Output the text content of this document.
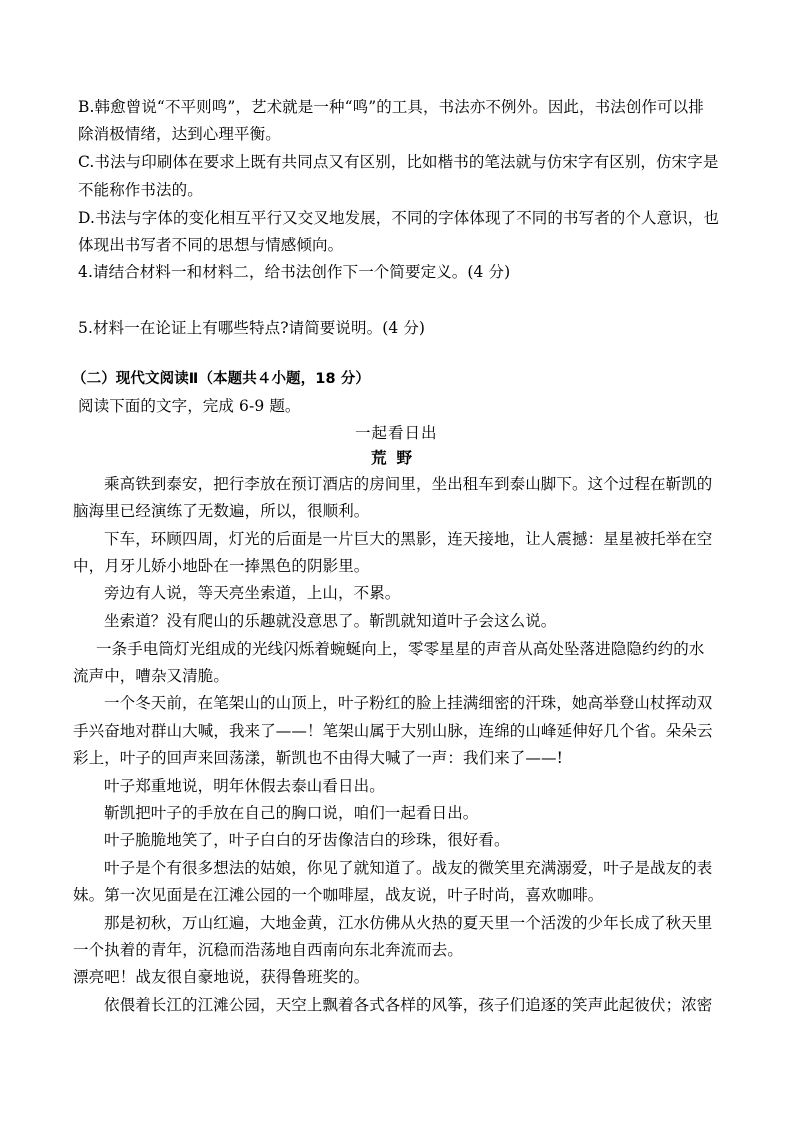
B.韩愈曾说“不平则鸣”，艺术就是一种“鸣”的工具，书法亦不例外。因此，书法创作可以排
除消极情绪，达到心理平衡。
C.书法与印刷体在要求上既有共同点又有区别，比如楷书的笔法就与仿宋字有区别，仿宋字是
不能称作书法的。
D.书法与字体的变化相互平行又交叉地发展，不同的字体体现了不同的书写者的个人意识，也
体现出书写者不同的思想与情感倾向。
4.请结合材料一和材料二，给书法创作下一个简要定义。(4 分)
5.材料一在论证上有哪些特点?请简要说明。(4 分)
（二）现代文阅读Ⅱ（本题共４小题，18 分）
阅读下面的文字，完成 6-9 题。
一起看日出
荒野
乘高铁到泰安，把行李放在预订酒店的房间里，坐出租车到泰山脚下。这个过程在靳凯的
脑海里已经演练了无数遍，所以，很顺利。
下车，环顾四周，灯光的后面是一片巨大的黑影，连天接地，让人震撼：星星被托举在空
中，月牙儿娇小地卧在一捧黑色的阴影里。
旁边有人说，等天亮坐索道，上山，不累。
坐索道？没有爬山的乐趣就没意思了。靳凯就知道叶子会这么说。
一条手电筒灯光组成的光线闪烁着蜿蜒向上，零零星星的声音从高处坠落进隐隐约约的水
流声中，嘈杂又清脆。
一个冬天前，在笔架山的山顶上，叶子粉红的脸上挂满细密的汗珠，她高举登山杖挥动双
手兴奋地对群山大喊，我来了——！笔架山属于大别山脉，连绵的山峰延伸好几个省。朵朵云
彩上，叶子的回声来回荡漾，靳凯也不由得大喊了一声：我们来了——!
叶子郑重地说，明年休假去泰山看日出。
靳凯把叶子的手放在自己的胸口说，咱们一起看日出。
叶子脆脆地笑了，叶子白白的牙齿像洁白的珍珠，很好看。
叶子是个有很多想法的姑娘，你见了就知道了。战友的微笑里充满溺爱，叶子是战友的表
妹。第一次见面是在江滩公园的一个咖啡屋，战友说，叶子时尚，喜欢咖啡。
那是初秋，万山红遍，大地金黄，江水仿佛从火热的夏天里一个活泼的少年长成了秋天里
一个执着的青年，沉稳而浩荡地自西南向东北奔流而去。
漂亮吧！战友很自豪地说，获得鲁班奖的。
依偎着长江的江滩公园，天空上飘着各式各样的风筝，孩子们追逐的笑声此起彼伏；浓密
